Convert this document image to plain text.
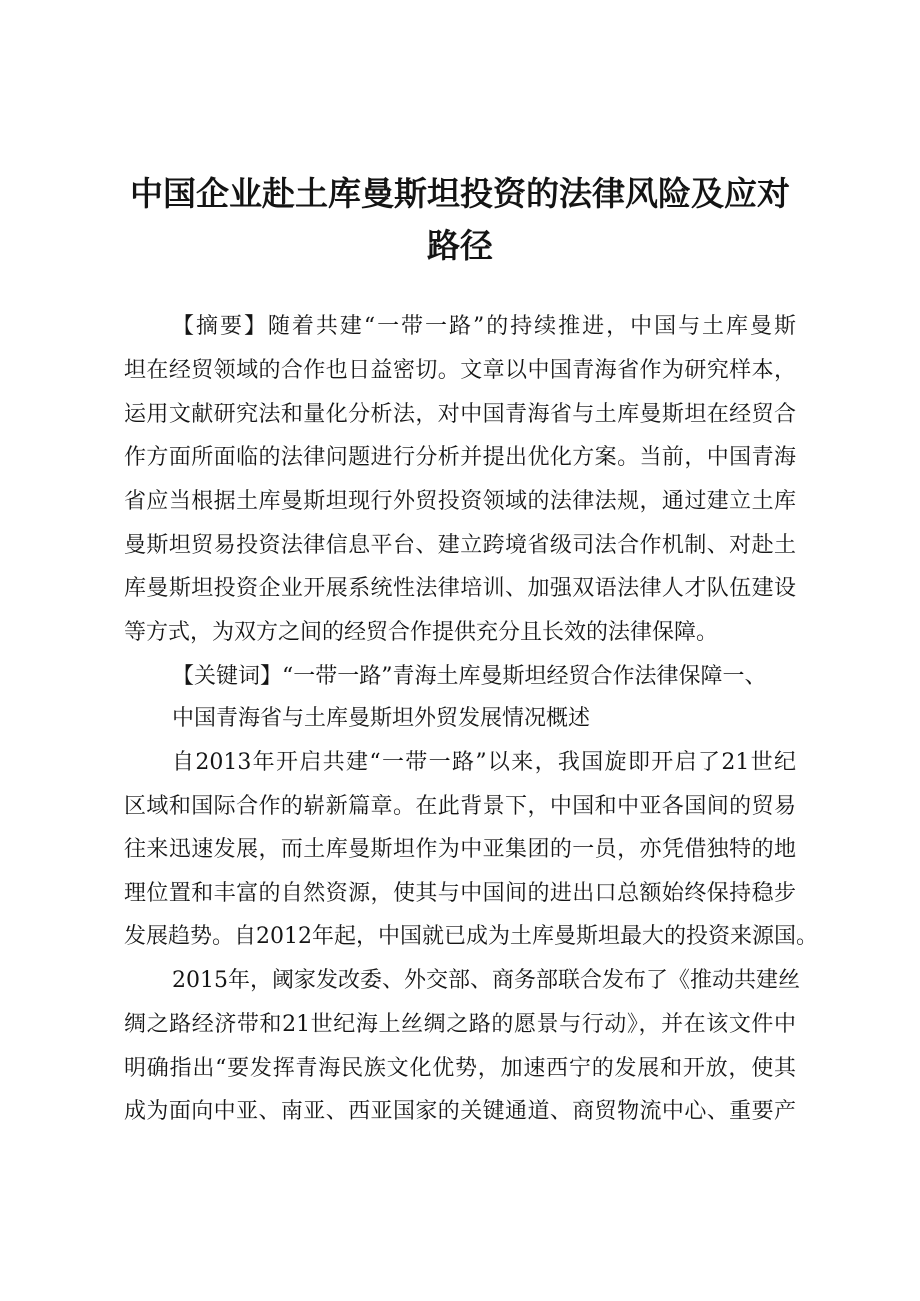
中国企业赴土库曼斯坦投资的法律风险及应对
路径

【摘要】随着共建“一带一路”的持续推进，中国与土库曼斯

坦在经贸领域的合作也日益密切。文章以中国青海省作为研究样本，

运用文献研究法和量化分析法，对中国青海省与土库曼斯坦在经贸合

作方面所面临的法律问题进行分析并提出优化方案。当前，中国青海

省应当根据土库曼斯坦现行外贸投资领域的法律法规，通过建立土库

曼斯坦贸易投资法律信息平台、建立跨境省级司法合作机制、对赴土

库曼斯坦投资企业开展系统性法律培训、加强双语法律人才队伍建设

等方式，为双方之间的经贸合作提供充分且长效的法律保障。

【关键词】“一带一路”青海土库曼斯坦经贸合作法律保障一、

中国青海省与土库曼斯坦外贸发展情况概述

自2013年开启共建“一带一路”以来，我国旋即开启了21世纪

区域和国际合作的崭新篇章。在此背景下，中国和中亚各国间的贸易

往来迅速发展，而土库曼斯坦作为中亚集团的一员，亦凭借独特的地

理位置和丰富的自然资源，使其与中国间的进出口总额始终保持稳步

发展趋势。自2012年起，中国就已成为土库曼斯坦最大的投资来源国。

2015年，阈家发改委、外交部、商务部联合发布了《推动共建丝

绸之路经济带和21世纪海上丝绸之路的愿景与行动》，并在该文件中

明确指出“要发挥青海民族文化优势，加速西宁的发展和开放，使其

成为面向中亚、南亚、西亚国家的关键通道、商贸物流中心、重要产
